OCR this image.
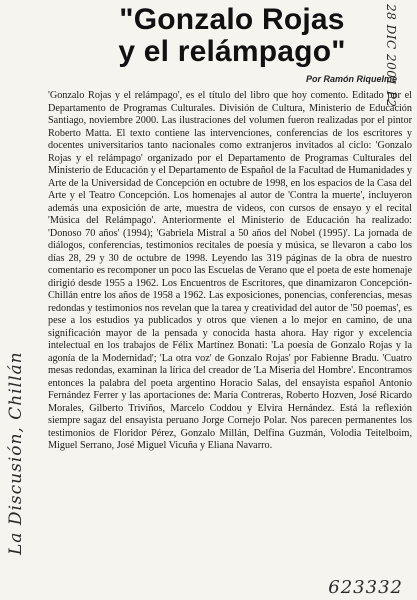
"Gonzalo Rojas
y el relámpago"
Por Ramón Riquelme
'Gonzalo Rojas y el relámpago', es el título del libro que hoy comento. Editado por el Departamento de Programas Culturales. División de Cultura, Ministerio de Educación Santiago, noviembre 2000. Las ilustraciones del volumen fueron realizadas por el pintor Roberto Matta. El texto contiene las intervenciones, conferencias de los escritores y docentes universitarios tanto nacionales como extranjeros invitados al ciclo: 'Gonzalo Rojas y el relámpago' organizado por el Departamento de Programas Culturales del Ministerio de Educación y el Departamento de Español de la Facultad de Humanidades y Arte de la Universidad de Concepción en octubre de 1998, en los espacios de la Casa del Arte y el Teatro Concepción. Los homenajes al autor de 'Contra la muerte', incluyeron además una exposición de arte, muestra de videos, con cursos de ensayo y el recital 'Música del Relámpago'. Anteriormente el Ministerio de Educación ha realizado: 'Donoso 70 años' (1994); 'Gabriela Mistral a 50 años del Nobel (1995)'. La jornada de diálogos, conferencias, testimonios recitales de poesía y música, se llevaron a cabo los días 28, 29 y 30 de octubre de 1998. Leyendo las 319 páginas de la obra de nuestro comentario es recomponer un poco las Escuelas de Verano que el poeta de este homenaje dirigió desde 1955 a 1962. Los Encuentros de Escritores, que dinamizaron Concepción-Chillán entre los años de 1958 a 1962. Las exposiciones, ponencias, conferencias, mesas redondas y testimonios nos revelan que la tarea y creatividad del autor de '50 poemas', es pese a los estudios ya publicados y otros que vienen a lo mejor en camino, de una significación mayor de la pensada y conocida hasta ahora. Hay rigor y excelencia intelectual en los trabajos de Félix Martínez Bonati: 'La poesía de Gonzalo Rojas y la agonía de la Modernidad'; 'La otra voz' de Gonzalo Rojas' por Fabienne Bradu. 'Cuatro mesas redondas, examinan la lírica del creador de 'La Miseria del Hombre'. Encontramos entonces la palabra del poeta argentino Horacio Salas, del ensayista español Antonio Fernández Ferrer y las aportaciones de: María Contreras, Roberto Hozven, José Ricardo Morales, Gilberto Triviños, Marcelo Coddou y Elvira Hernández. Está la reflexión siempre sagaz del ensayista peruano Jorge Cornejo Polar. Nos parecen permanentes los testimonios de Floridor Pérez, Gonzalo Millán, Delfina Guzmán, Volodia Teitelboim, Miguel Serrano, José Miguel Vicuña y Eliana Navarro.
La Discusión, Chillán
28 DIC 2001 P2
623332
